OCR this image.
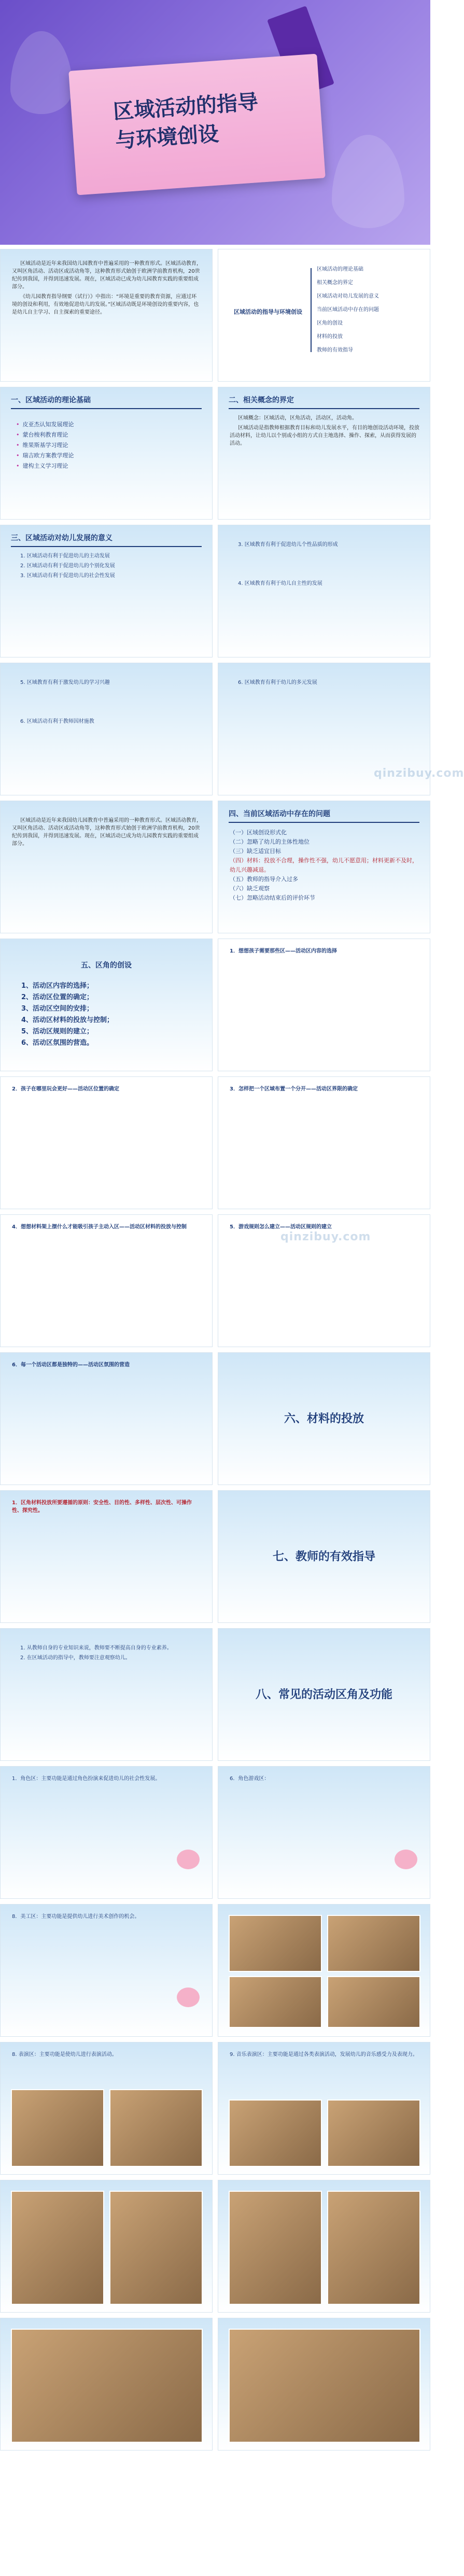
区域活动的指导
与环境创设

区域活动是近年来我国幼儿园教育中普遍采用的一种教育形式。区域活动教育，又叫区角活动、活动区或活动角等，这种教育形式始创于欧洲学前教育机构，20世纪传到我国，并得到迅速发展。现在，区域活动已成为幼儿园教育实践的重要组成部分。

《幼儿园教育指导纲要（试行）》中指出：“环境是重要的教育资源，应通过环境的创设和利用，有效地促进幼儿的发展。”区域活动既是环境创设的重要内容，也是幼儿自主学习、自主探索的重要途径。	区域活动的指导与环境创设
区域活动的理论基础
相关概念的界定
区域活动对幼儿发展的意义
当前区域活动中存在的问题
区角的创设
材料的投放
教师的有效指导
一、区域活动的理论基础
• 皮亚杰认知发展理论
• 蒙台梭利教育理论
• 维果斯基学习理论
• 瑞吉欧方案教学理论
• 建构主义学习理论
二、相关概念的界定

区域概念：区域活动，区角活动，活动区，活动角。

区域活动是指教师根据教育目标和幼儿发展水平，有目的地创设活动环境，投放活动材料，让幼儿以个别或小组的方式自主地选择、操作、探索，从而获得发展的活动。

三、区域活动对幼儿发展的意义

1. 区域活动有利于促进幼儿的主动发展

2. 区域活动有利于促进幼儿的个别化发展

3. 区域活动有利于促进幼儿的社会性发展

3. 区域教育有利于促进幼儿个性品质的形成

4. 区域教育有利于幼儿自主性的发展

5. 区域教育有利于激发幼儿的学习兴趣

6. 区域活动有利于教师因材施教

6. 区域教育有利于幼儿的多元发展

qinzibuy.com

区域活动是近年来我国幼儿园教育中普遍采用的一种教育形式。区域活动教育，又叫区角活动、活动区或活动角等，这种教育形式始创于欧洲学前教育机构，20世纪传到我国，并得到迅速发展。现在，区域活动已成为幼儿园教育实践的重要组成部分。

四、当前区域活动中存在的问题
（一）区域创设形式化
（二）忽略了幼儿的主体性地位
（三）缺乏适宜目标
（四）材料：投放不合理，操作性不强，幼儿不愿意用；材料更新不及时，幼儿兴趣减退。
（五）教师的指导介入过多
（六）缺乏观察
（七）忽略活动结束后的评价环节
五、区角的创设
1、活动区内容的选择；
2、活动区位置的确定；
3、活动区空间的安排；
4、活动区材料的投放与控制；
5、活动区规则的建立；
6、活动区氛围的营造。

1．想想孩子需要那些区——活动区内容的选择

2．孩子在哪里玩会更好——活动区位置的确定	3．怎样把一个区域布置一个分开——活动区界限的确定

4．想想材料架上摆什么才能吸引孩子主动入区——活动区材料的投放与控制	5．游戏规则怎么建立——活动区规则的建立

qinzibuy.com

6．每一个活动区都是独特的——活动区氛围的营造

六、材料的投放

1．区角材料投放所要遵循的原则：安全性、目的性、多样性、层次性、可操作性、探究性。

七、教师的有效指导

1. 从教师自身的专业知识来说，教师要不断提高自身的专业素养。

2. 在区域活动的指导中，教师要注意观察幼儿。

八、常见的活动区角及功能

1．角色区：主要功能是通过角色扮演来促进幼儿的社会性发展。	6．角色游戏区：

8．美工区：主要功能是提供幼儿进行美术创作的机会。

8. 表演区：主要功能是使幼儿进行表演活动。	9. 音乐表演区：主要功能是通过各类表演活动，发展幼儿的音乐感受力及表现力。
